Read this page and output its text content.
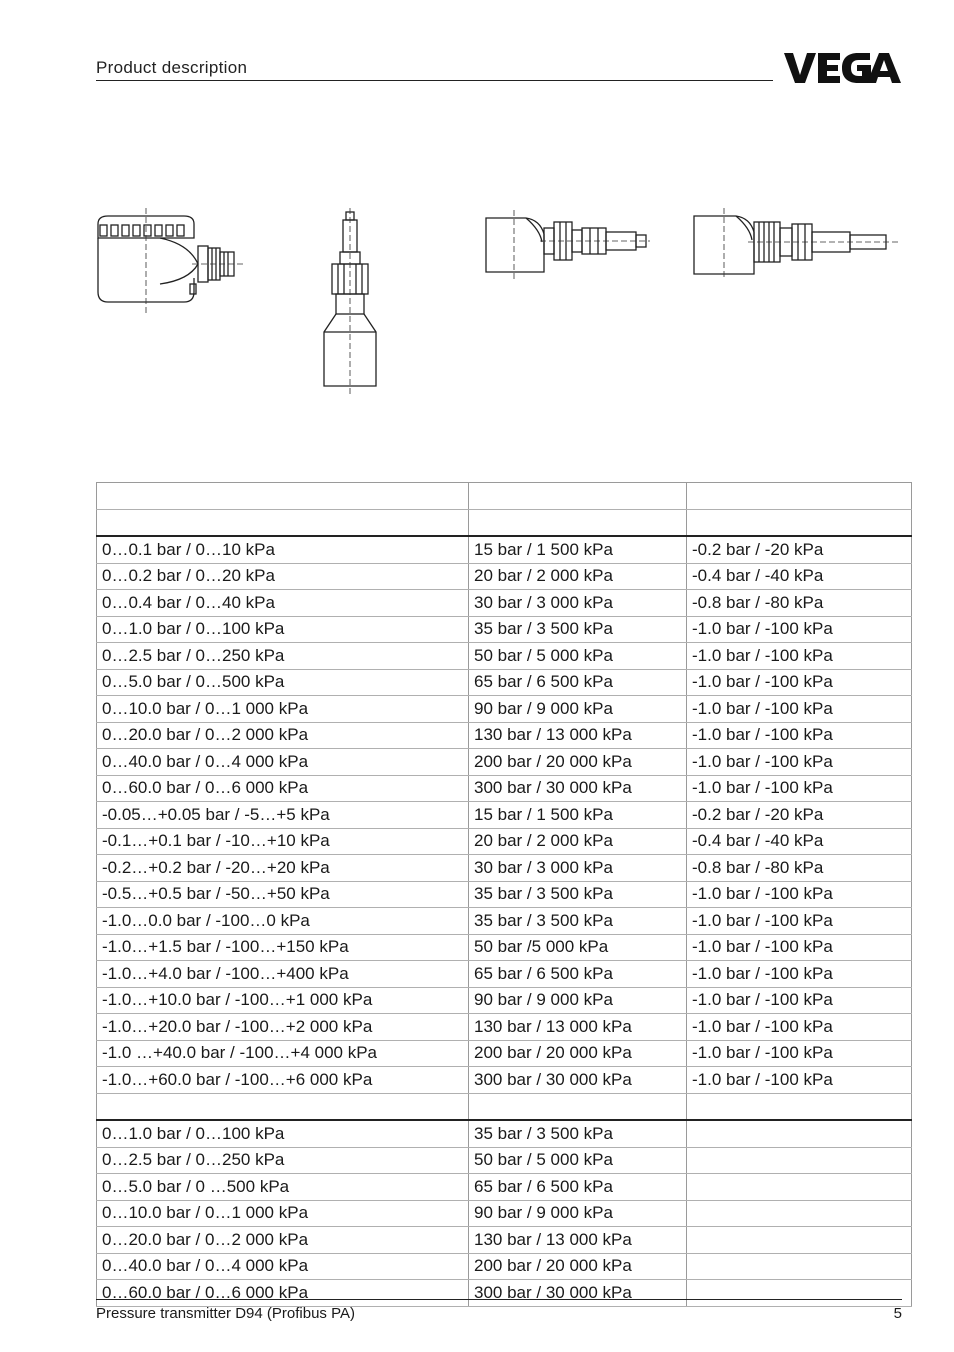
Product description

0…0.1 bar / 0…10 kPa	15 bar / 1 500 kPa	-0.2 bar / -20 kPa
0…0.2 bar / 0…20 kPa	20 bar / 2 000 kPa	-0.4 bar / -40 kPa
0…0.4 bar / 0…40 kPa	30 bar / 3 000 kPa	-0.8 bar / -80 kPa
0…1.0 bar / 0…100 kPa	35 bar / 3 500 kPa	-1.0 bar / -100 kPa
0…2.5 bar / 0…250 kPa	50 bar / 5 000 kPa	-1.0 bar / -100 kPa
0…5.0 bar / 0…500 kPa	65 bar / 6 500 kPa	-1.0 bar / -100 kPa
0…10.0 bar / 0…1 000 kPa	90 bar / 9 000 kPa	-1.0 bar / -100 kPa
0…20.0 bar / 0…2 000 kPa	130 bar / 13 000 kPa	-1.0 bar / -100 kPa
0…40.0 bar / 0…4 000 kPa	200 bar / 20 000 kPa	-1.0 bar / -100 kPa
0…60.0 bar / 0…6 000 kPa	300 bar / 30 000 kPa	-1.0 bar / -100 kPa
-0.05…+0.05 bar / -5…+5 kPa	15 bar / 1 500 kPa	-0.2 bar / -20 kPa
-0.1…+0.1 bar / -10…+10 kPa	20 bar / 2 000 kPa	-0.4 bar / -40 kPa
-0.2…+0.2 bar / -20…+20 kPa	30 bar / 3 000 kPa	-0.8 bar / -80 kPa
-0.5…+0.5 bar / -50…+50 kPa	35 bar / 3 500 kPa	-1.0 bar / -100 kPa
-1.0…0.0 bar / -100…0 kPa	35 bar / 3 500 kPa	-1.0 bar / -100 kPa
-1.0…+1.5 bar / -100…+150 kPa	50 bar /5 000 kPa	-1.0 bar / -100 kPa
-1.0…+4.0 bar / -100…+400 kPa	65 bar / 6 500 kPa	-1.0 bar / -100 kPa
-1.0…+10.0 bar / -100…+1 000 kPa	90 bar / 9 000 kPa	-1.0 bar / -100 kPa
-1.0…+20.0 bar / -100…+2 000 kPa	130 bar / 13 000 kPa	-1.0 bar / -100 kPa
-1.0 …+40.0 bar / -100…+4 000 kPa	200 bar / 20 000 kPa	-1.0 bar / -100 kPa
-1.0…+60.0 bar / -100…+6 000 kPa	300 bar / 30 000 kPa	-1.0 bar / -100 kPa

0…1.0 bar / 0…100 kPa	35 bar / 3 500 kPa	
0…2.5 bar / 0…250 kPa	50 bar / 5 000 kPa	
0…5.0 bar / 0 …500 kPa	65 bar / 6 500 kPa	
0…10.0 bar / 0…1 000 kPa	90 bar / 9 000 kPa	
0…20.0 bar / 0…2 000 kPa	130 bar / 13 000 kPa	
0…40.0 bar / 0…4 000 kPa	200 bar / 20 000 kPa	
0…60.0 bar / 0…6 000 kPa	300 bar / 30 000 kPa	
Pressure transmitter D94 (Profibus PA)	5
